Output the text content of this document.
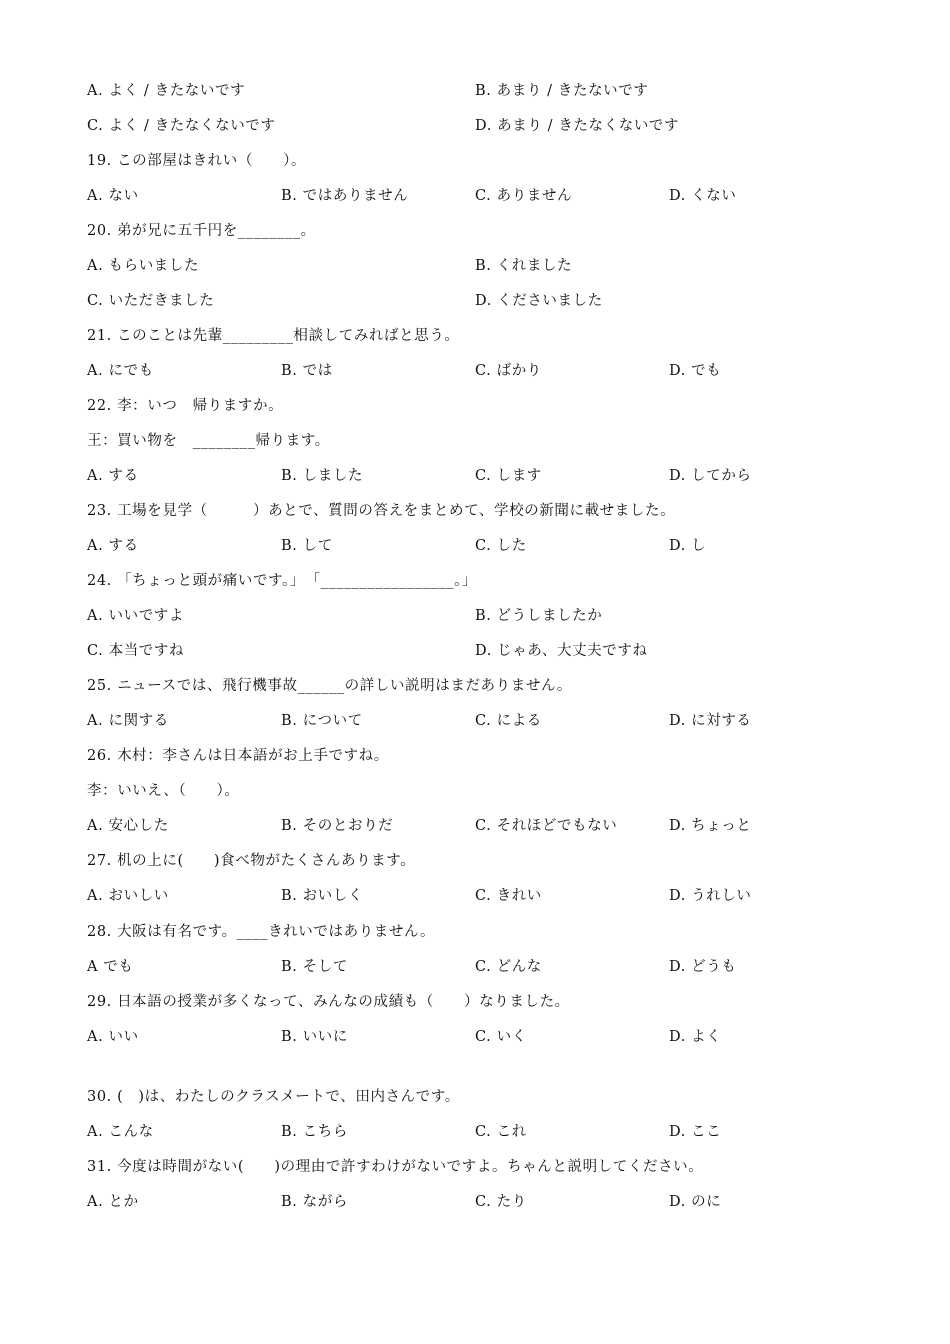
A. よく / きたないです	B. あまり / きたないです
C. よく / きたなくないです	D. あまり / きたなくないです
19. この部屋はきれい（　　）。
A. ない	B. ではありません	C. ありません	D. くない
20. 弟が兄に五千円を________。
A. もらいました	B. くれました
C. いただきました	D. くださいました
21. このことは先輩_________相談してみればと思う。
A. にでも	B. では	C. ばかり	D. でも
22. 李：いつ　帰りますか。
王：買い物を　________帰ります。
A. する	B. しました	C. します	D. してから
23. 工場を見学（　　　）あとで、質問の答えをまとめて、学校の新聞に載せました。
A. する	B. して	C. した	D. し
24. 「ちょっと頭が痛いです。」　「_________________。」
A. いいですよ	B. どうしましたか
C. 本当ですね	D. じゃあ、大丈夫ですね
25. ニュースでは、飛行機事故______の詳しい説明はまだありません。
A. に関する	B. について	C. による	D. に対する
26. 木村：李さんは日本語がお上手ですね。
李：いいえ、（　　）。
A. 安心した	B. そのとおりだ	C. それほどでもない	D. ちょっと
27. 机の上に(　　)食べ物がたくさんあります。
A. おいしい	B. おいしく	C. きれい	D. うれしい
28. 大阪は有名です。____きれいではありません。
A でも	B. そして	C. どんな	D. どうも
29. 日本語の授業が多くなって、みんなの成績も（　　）なりました。
A. いい	B. いいに	C. いく	D. よく
30. (　)は、わたしのクラスメートで、田内さんです。
A. こんな	B. こちら	C. これ	D. ここ
31. 今度は時間がない(　　)の理由で許すわけがないですよ。ちゃんと説明してください。
A. とか	B. ながら	C. たり	D. のに
